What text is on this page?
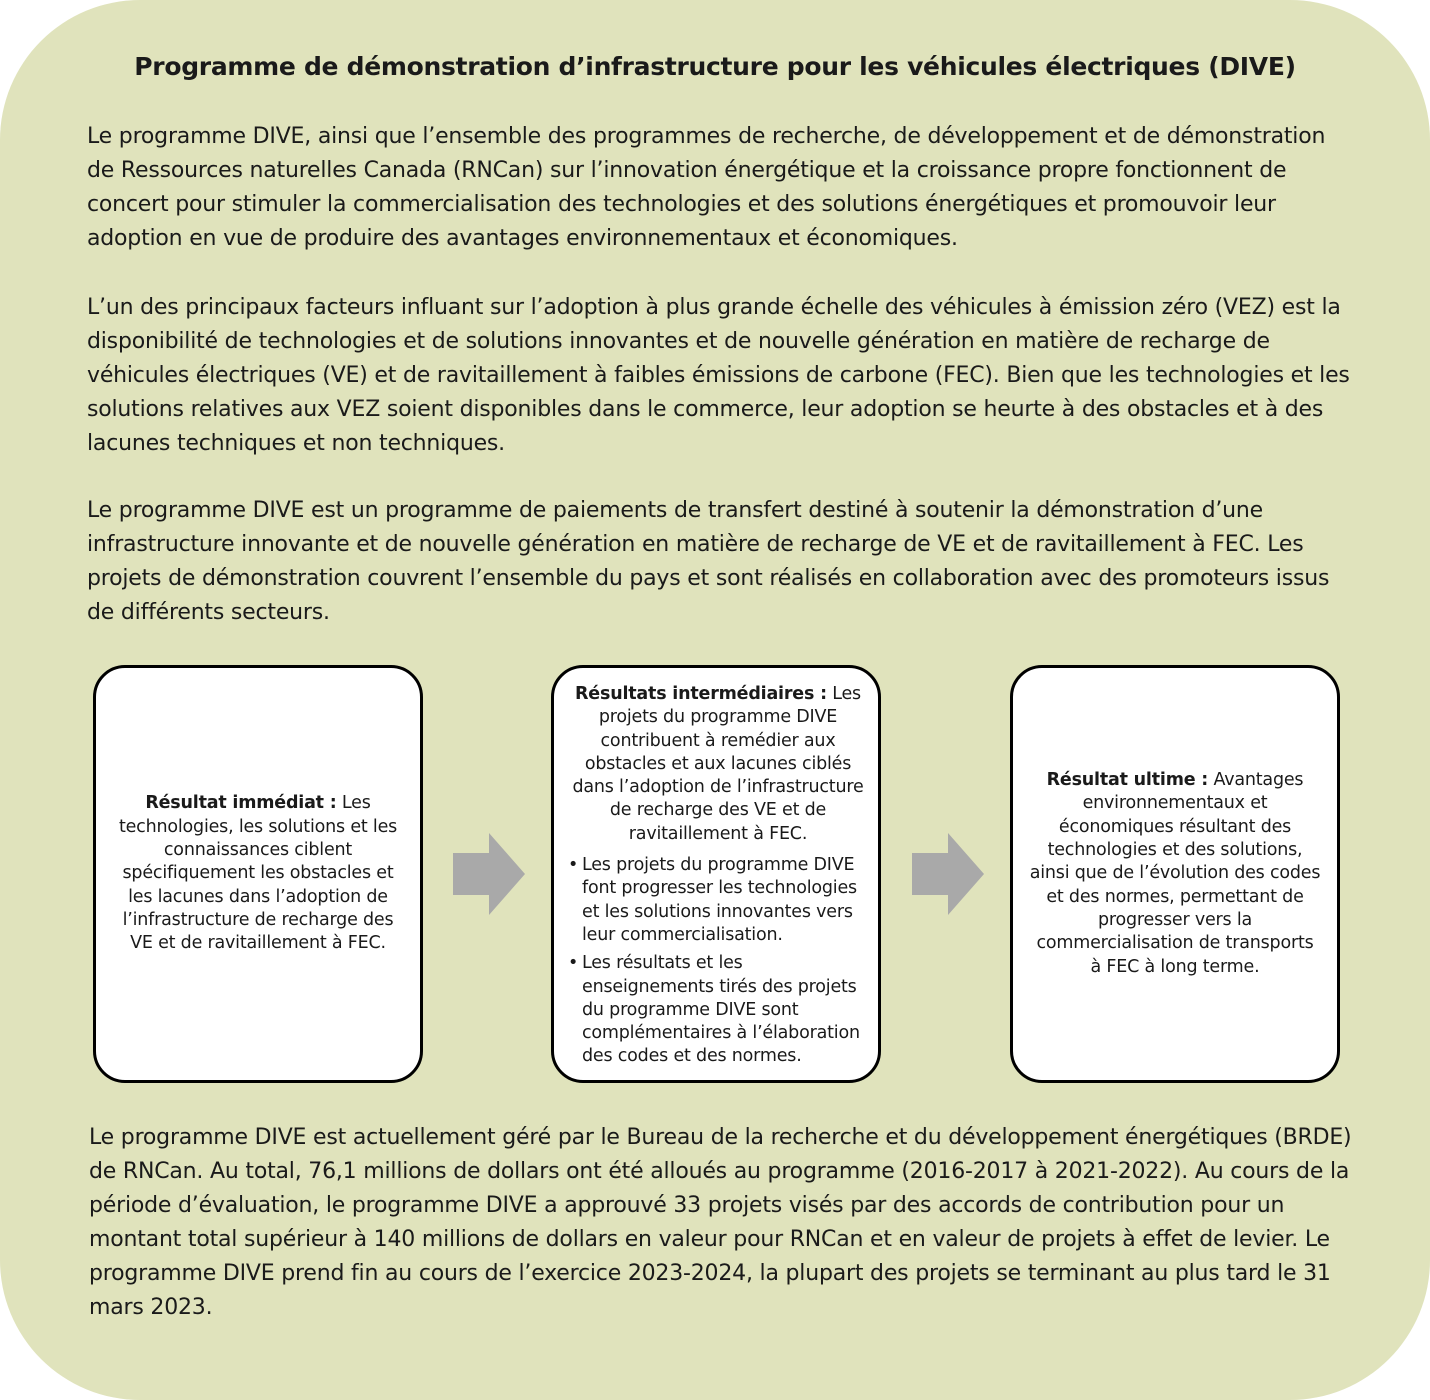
Programme de démonstration d’infrastructure pour les véhicules électriques (DIVE)

Le programme DIVE, ainsi que l’ensemble des programmes de recherche, de développement et de démonstration de Ressources naturelles Canada (RNCan) sur l’innovation énergétique et la croissance propre fonctionnent de concert pour stimuler la commercialisation des technologies et des solutions énergétiques et promouvoir leur adoption en vue de produire des avantages environnementaux et économiques.

L’un des principaux facteurs influant sur l’adoption à plus grande échelle des véhicules à émission zéro (VEZ) est la disponibilité de technologies et de solutions innovantes et de nouvelle génération en matière de recharge de véhicules électriques (VE) et de ravitaillement à faibles émissions de carbone (FEC). Bien que les technologies et les solutions relatives aux VEZ soient disponibles dans le commerce, leur adoption se heurte à des obstacles et à des lacunes techniques et non techniques.

Le programme DIVE est un programme de paiements de transfert destiné à soutenir la démonstration d’une infrastructure innovante et de nouvelle génération en matière de recharge de VE et de ravitaillement à FEC. Les projets de démonstration couvrent l’ensemble du pays et sont réalisés en collaboration avec des promoteurs issus de différents secteurs.

Résultat immédiat : Les technologies, les solutions et les connaissances ciblent spécifiquement les obstacles et les lacunes dans l’adoption de l’infrastructure de recharge des VE et de ravitaillement à FEC.

Résultats intermédiaires : Les projets du programme DIVE contribuent à remédier aux obstacles et aux lacunes ciblés dans l’adoption de l’infrastructure de recharge des VE et de ravitaillement à FEC.

• Les projets du programme DIVE font progresser les technologies et les solutions innovantes vers leur commercialisation.
• Les résultats et les enseignements tirés des projets du programme DIVE sont complémentaires à l’élaboration des codes et des normes.

Résultat ultime : Avantages environnementaux et économiques résultant des technologies et des solutions, ainsi que de l’évolution des codes et des normes, permettant de progresser vers la commercialisation de transports à FEC à long terme.

Le programme DIVE est actuellement géré par le Bureau de la recherche et du développement énergétiques (BRDE) de RNCan. Au total, 76,1 millions de dollars ont été alloués au programme (2016-2017 à 2021-2022). Au cours de la période d’évaluation, le programme DIVE a approuvé 33 projets visés par des accords de contribution pour un montant total supérieur à 140 millions de dollars en valeur pour RNCan et en valeur de projets à effet de levier. Le programme DIVE prend fin au cours de l’exercice 2023-2024, la plupart des projets se terminant au plus tard le 31 mars 2023.
